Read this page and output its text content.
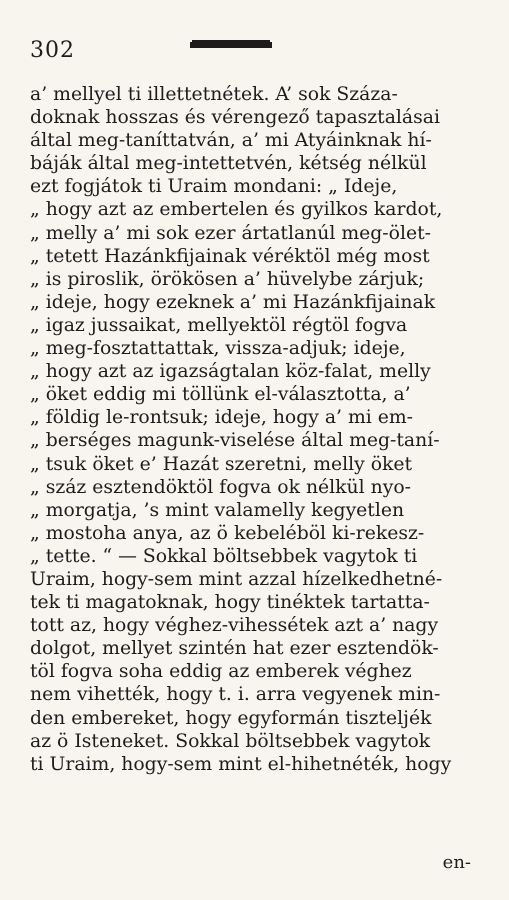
302
a’ mellyel ti illettetnétek. A’ sok Száza-
doknak hosszas és vérengező tapasztalásai
által meg-taníttatván, a’ mi Atyáinknak hí-
báják által meg-intettetvén, kétség nélkül
ezt fogjátok ti Uraim mondani: „ Ideje,
„ hogy azt az embertelen és gyilkos kardot,
„ melly a’ mi sok ezer ártatlanúl meg-ölet-
„ tetett Hazánkfijainak véréktöl még most
„ is piroslik, örökösen a’ hüvelybe zárjuk;
„ ideje, hogy ezeknek a’ mi Hazánkfijainak
„ igaz jussaikat, mellyektöl régtöl fogva
„ meg-fosztattattak, vissza-adjuk; ideje,
„ hogy azt az igazságtalan köz-falat, melly
„ öket eddig mi töllünk el-választotta, a’
„ földig le-rontsuk; ideje, hogy a’ mi em-
„ berséges magunk-viselése által meg-taní-
„ tsuk öket e’ Hazát szeretni, melly öket
„ száz esztendöktöl fogva ok nélkül nyo-
„ morgatja, ’s mint valamelly kegyetlen
„ mostoha anya, az ö kebeléböl ki-rekesz-
„ tette. “ — Sokkal böltsebbek vagytok ti
Uraim, hogy-sem mint azzal hízelkedhetné-
tek ti magatoknak, hogy tinéktek tartatta-
tott az, hogy véghez-vihessétek azt a’ nagy
dolgot, mellyet szintén hat ezer esztendök-
töl fogva soha eddig az emberek véghez
nem vihették, hogy t. i. arra vegyenek min-
den embereket, hogy egyformán tiszteljék
az ö Isteneket. Sokkal böltsebbek vagytok
ti Uraim, hogy-sem mint el-hihetnéték, hogy
en-
